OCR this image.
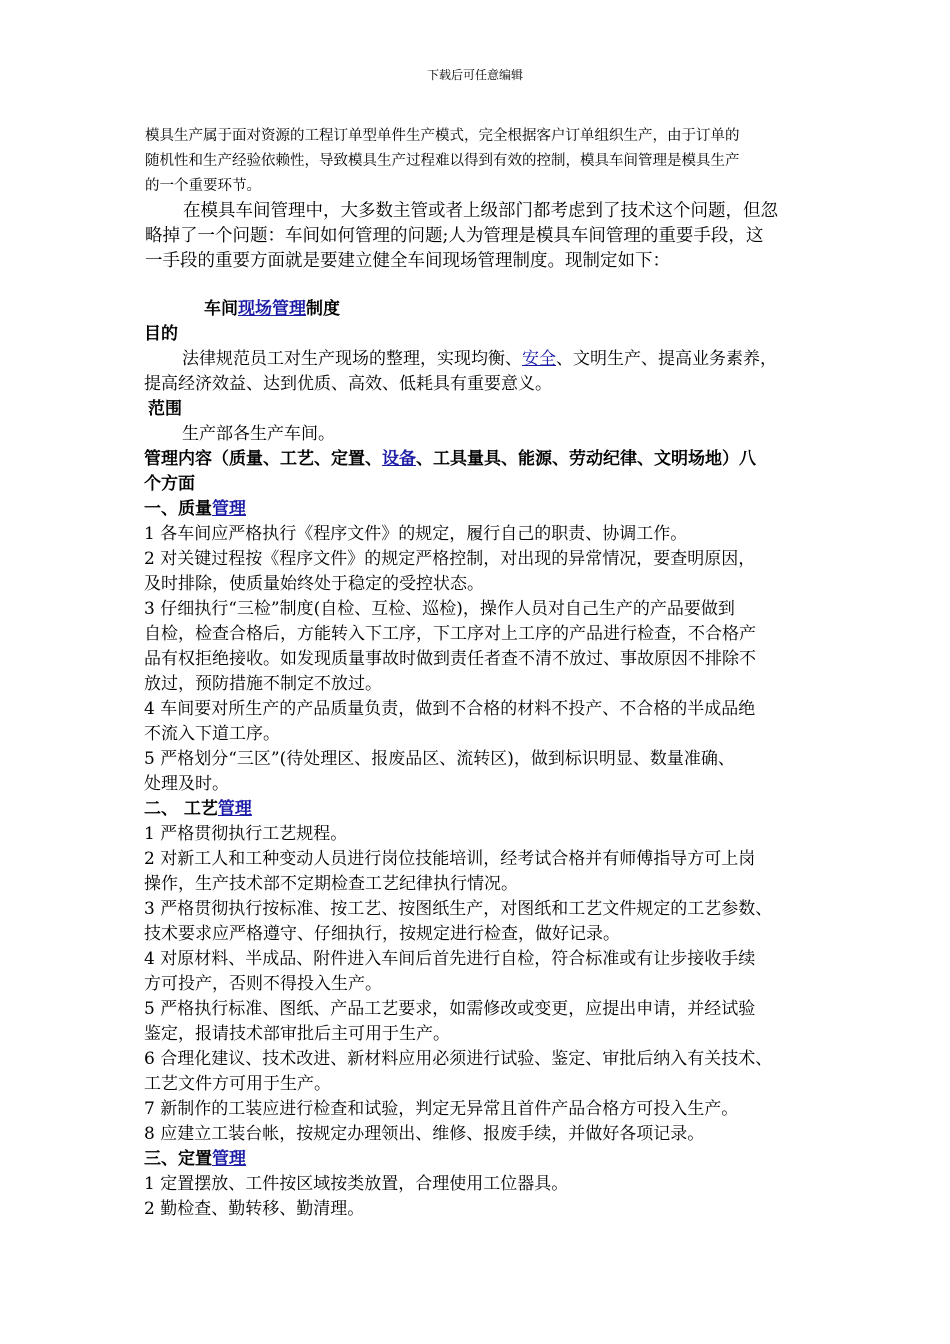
下载后可任意编辑
模具生产属于面对资源的工程订单型单件生产模式，完全根据客户订单组织生产，由于订单的
随机性和生产经验依赖性，导致模具生产过程难以得到有效的控制，模具车间管理是模具生产
的一个重要环节。
在模具车间管理中，大多数主管或者上级部门都考虑到了技术这个问题，但忽
略掉了一个问题：车间如何管理的问题;人为管理是模具车间管理的重要手段，这
一手段的重要方面就是要建立健全车间现场管理制度。现制定如下：
车间现场管理制度
目的
法律规范员工对生产现场的整理，实现均衡、安全、文明生产、提高业务素养，
提高经济效益、达到优质、高效、低耗具有重要意义。
范围
生产部各生产车间。
管理内容（质量、工艺、定置、设备、工具量具、能源、劳动纪律、文明场地）八
个方面
一、质量管理
1 各车间应严格执行《程序文件》的规定，履行自己的职责、协调工作。
2 对关键过程按《程序文件》的规定严格控制，对出现的异常情况，要查明原因，
及时排除，使质量始终处于稳定的受控状态。
3 仔细执行“三检”制度(自检、互检、巡检)，操作人员对自己生产的产品要做到
自检，检查合格后，方能转入下工序，下工序对上工序的产品进行检查，不合格产
品有权拒绝接收。如发现质量事故时做到责任者查不清不放过、事故原因不排除不
放过，预防措施不制定不放过。
4 车间要对所生产的产品质量负责，做到不合格的材料不投产、不合格的半成品绝
不流入下道工序。
5 严格划分“三区”(待处理区、报废品区、流转区)，做到标识明显、数量准确、
处理及时。
二、 工艺管理
1 严格贯彻执行工艺规程。
2 对新工人和工种变动人员进行岗位技能培训，经考试合格并有师傅指导方可上岗
操作，生产技术部不定期检查工艺纪律执行情况。
3 严格贯彻执行按标准、按工艺、按图纸生产，对图纸和工艺文件规定的工艺参数、
技术要求应严格遵守、仔细执行，按规定进行检查，做好记录。
4 对原材料、半成品、附件进入车间后首先进行自检，符合标准或有让步接收手续
方可投产，否则不得投入生产。
5 严格执行标准、图纸、产品工艺要求，如需修改或变更，应提出申请，并经试验
鉴定，报请技术部审批后主可用于生产。
6 合理化建议、技术改进、新材料应用必须进行试验、鉴定、审批后纳入有关技术、
工艺文件方可用于生产。
7 新制作的工装应进行检查和试验，判定无异常且首件产品合格方可投入生产。
8 应建立工装台帐，按规定办理领出、维修、报废手续，并做好各项记录。
三、定置管理
1 定置摆放、工件按区域按类放置，合理使用工位器具。
2 勤检查、勤转移、勤清理。
